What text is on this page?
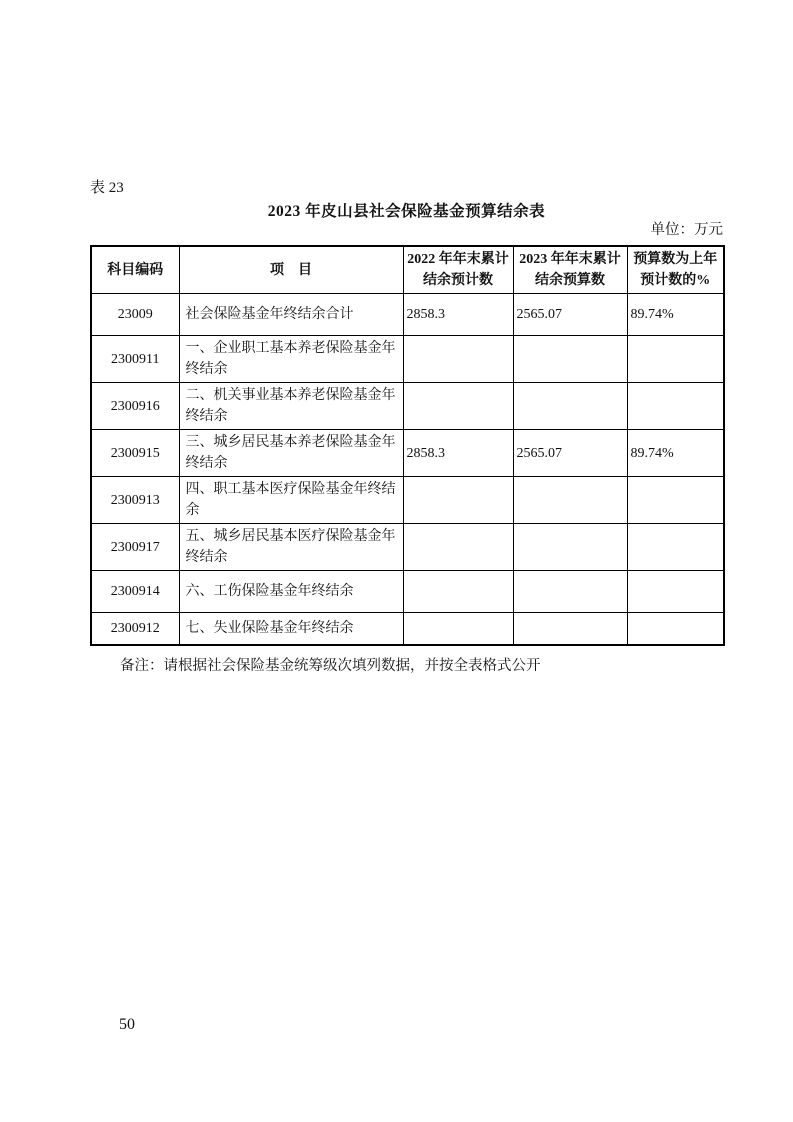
表 23
2023 年皮山县社会保险基金预算结余表
单位：万元
科目编码	项　目	2022 年年末累计结余预计数	2023 年年末累计结余预算数	预算数为上年预计数的%
23009	社会保险基金年终结余合计	2858.3	2565.07	89.74%
2300911	一、企业职工基本养老保险基金年终结余			
2300916	二、机关事业基本养老保险基金年终结余			
2300915	三、城乡居民基本养老保险基金年终结余	2858.3	2565.07	89.74%
2300913	四、职工基本医疗保险基金年终结余			
2300917	五、城乡居民基本医疗保险基金年终结余			
2300914	六、工伤保险基金年终结余			
2300912	七、失业保险基金年终结余			
备注：请根据社会保险基金统筹级次填列数据，并按全表格式公开
50
